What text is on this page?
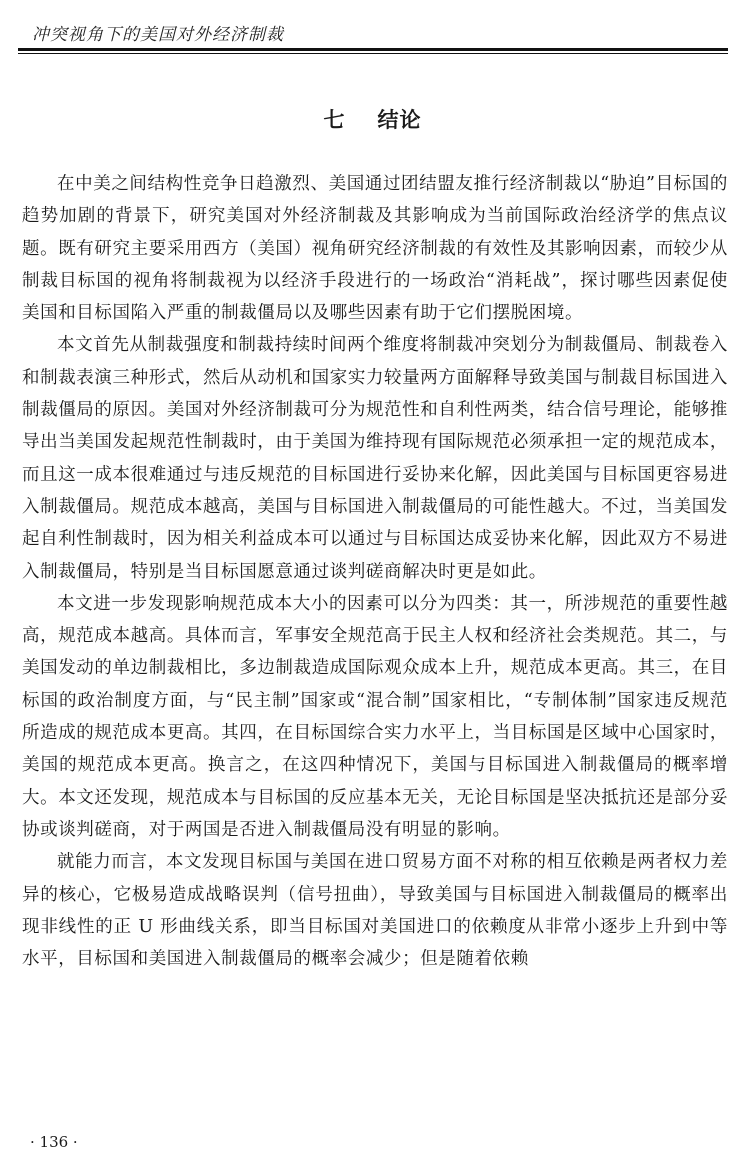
冲突视角下的美国对外经济制裁
七 结论

在中美之间结构性竞争日趋激烈、美国通过团结盟友推行经济制裁以“胁迫”目标国的趋势加剧的背景下，研究美国对外经济制裁及其影响成为当前国际政治经济学的焦点议题。既有研究主要采用西方（美国）视角研究经济制裁的有效性及其影响因素，而较少从制裁目标国的视角将制裁视为以经济手段进行的一场政治“消耗战”，探讨哪些因素促使美国和目标国陷入严重的制裁僵局以及哪些因素有助于它们摆脱困境。

本文首先从制裁强度和制裁持续时间两个维度将制裁冲突划分为制裁僵局、制裁卷入和制裁表演三种形式，然后从动机和国家实力较量两方面解释导致美国与制裁目标国进入制裁僵局的原因。美国对外经济制裁可分为规范性和自利性两类，结合信号理论，能够推导出当美国发起规范性制裁时，由于美国为维持现有国际规范必须承担一定的规范成本，而且这一成本很难通过与违反规范的目标国进行妥协来化解，因此美国与目标国更容易进入制裁僵局。规范成本越高，美国与目标国进入制裁僵局的可能性越大。不过，当美国发起自利性制裁时，因为相关利益成本可以通过与目标国达成妥协来化解，因此双方不易进入制裁僵局，特别是当目标国愿意通过谈判磋商解决时更是如此。

本文进一步发现影响规范成本大小的因素可以分为四类：其一，所涉规范的重要性越高，规范成本越高。具体而言，军事安全规范高于民主人权和经济社会类规范。其二，与美国发动的单边制裁相比，多边制裁造成国际观众成本上升，规范成本更高。其三，在目标国的政治制度方面，与“民主制”国家或“混合制”国家相比，“专制体制”国家违反规范所造成的规范成本更高。其四，在目标国综合实力水平上，当目标国是区域中心国家时，美国的规范成本更高。换言之，在这四种情况下，美国与目标国进入制裁僵局的概率增大。本文还发现，规范成本与目标国的反应基本无关，无论目标国是坚决抵抗还是部分妥协或谈判磋商，对于两国是否进入制裁僵局没有明显的影响。

就能力而言，本文发现目标国与美国在进口贸易方面不对称的相互依赖是两者权力差异的核心，它极易造成战略误判（信号扭曲），导致美国与目标国进入制裁僵局的概率出现非线性的正 U 形曲线关系，即当目标国对美国进口的依赖度从非常小逐步上升到中等水平，目标国和美国进入制裁僵局的概率会减少；但是随着依赖

· 136 ·
